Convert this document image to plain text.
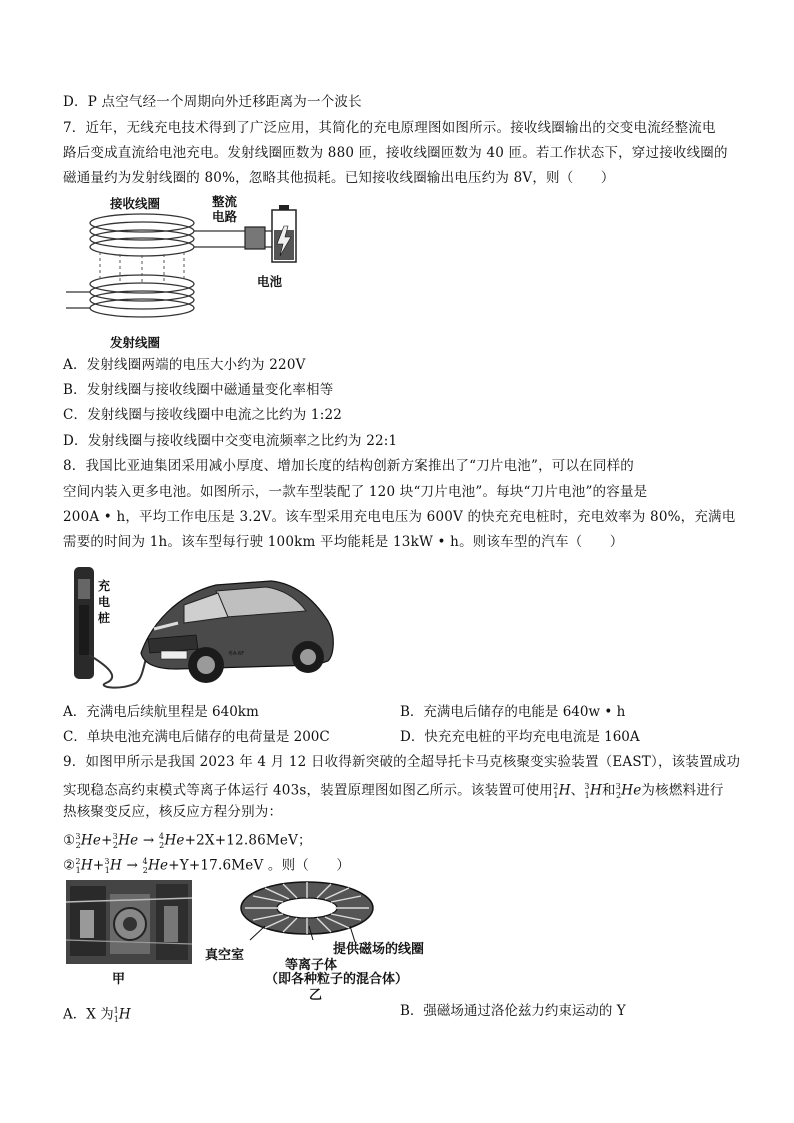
D．P 点空气经一个周期向外迁移距离为一个波长
7．近年，无线充电技术得到了广泛应用，其简化的充电原理图如图所示。接收线圈输出的交变电流经整流电
路后变成直流给电池充电。发射线圈匝数为 880 匝，接收线圈匝数为 40 匝。若工作状态下，穿过接收线圈的
磁通量约为发射线圈的 80%，忽略其他损耗。已知接收线圈输出电压约为 8V，则（　　）
接收线圈	整流
电路
电池
发射线圈
A．发射线圈两端的电压大小约为 220V
B．发射线圈与接收线圈中磁通量变化率相等
C．发射线圈与接收线圈中电流之比约为 1:22
D．发射线圈与接收线圈中交变电流频率之比约为 22:1
8．我国比亚迪集团采用减小厚度、增加长度的结构创新方案推出了“刀片电池”，可以在同样的
空间内装入更多电池。如图所示，一款车型装配了 120 块“刀片电池”。每块“刀片电池”的容量是
200A • h，平均工作电压是 3.2V。该车型采用充电电压为 600V 的快充充电桩时，充电效率为 80%，充满电
需要的时间为 1h。该车型每行驶 100km 平均能耗是 13kW • h。则该车型的汽车（　　）
充
电
桩
粤A·6F
A．充满电后续航里程是 640km	B．充满电后储存的电能是 640w • h
C．单块电池充满电后储存的电荷量是 200C	D．快充充电桩的平均充电电流是 160A
9．如图甲所示是我国 2023 年 4 月 12 日收得新突破的全超导托卡马克核聚变实验装置（EAST），该装置成功
实现稳态高约束模式等离子体运行 403s，装置原理图如图乙所示。该装置可使用$^2_1$H、$^3_1$H和$^3_2$He为核燃料进行
热核聚变反应，核反应方程分别为：
①$^3_2$He+$^3_2$He → $^4_2$He+2X+12.86MeV；
②$^2_1$H+$^3_1$H → $^4_2$He+Y+17.6MeV 。则（　　）
甲
真空室
等离子体
提供磁场的线圈
（即各种粒子的混合体）
乙
A．X 为$^1_1$H	B．强磁场通过洛伦兹力约束运动的 Y
